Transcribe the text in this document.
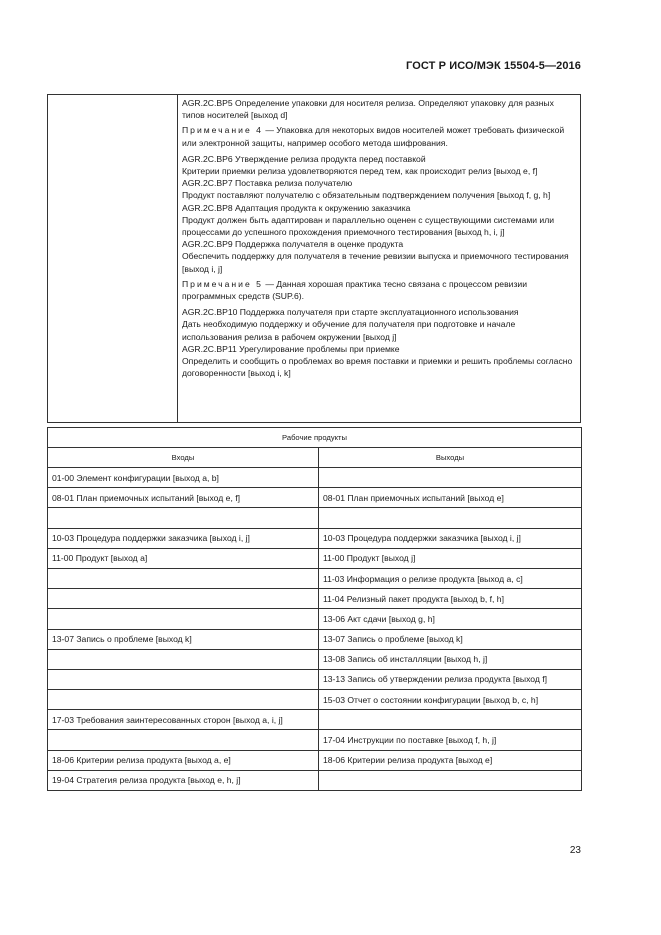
ГОСТ Р ИСО/МЭК 15504-5—2016

AGR.2C.BP5 Определение упаковки для носителя релиза. Определяют упаковку для разных типов носителей [выход d]

Примечание 4 — Упаковка для некоторых видов носителей может требовать физической или электронной защиты, например особого метода шифрования.

AGR.2C.BP6 Утверждение релиза продукта перед поставкой

Критерии приемки релиза удовлетворяются перед тем, как происходит релиз [выход e, f]

AGR.2C.BP7 Поставка релиза получателю

Продукт поставляют получателю с обязательным подтверждением получения [выход f, g, h]

AGR.2C.BP8 Адаптация продукта к окружению заказчика

Продукт должен быть адаптирован и параллельно оценен с существующими системами или процессами до успешного прохождения приемочного тестирования [выход h, i, j]

AGR.2C.BP9 Поддержка получателя в оценке продукта

Обеспечить поддержку для получателя в течение ревизии выпуска и приемочного тестирования [выход i, j]

Примечание 5 — Данная хорошая практика тесно связана с процессом ревизии программных средств (SUP.6).

AGR.2C.BP10 Поддержка получателя при старте эксплуатационного использования

Дать необходимую поддержку и обучение для получателя при подготовке и начале использования релиза в рабочем окружении [выход j]

AGR.2C.BP11 Урегулирование проблемы при приемке

Определить и сообщить о проблемах во время поставки и приемки и решить проблемы согласно договоренности [выход i, k]

Рабочие продукты	
Входы	Выходы
01-00 Элемент конфигурации [выход a, b]	
08-01 План приемочных испытаний [выход e, f]	08-01 План приемочных испытаний [выход e]

10-03 Процедура поддержки заказчика [выход i, j]	10-03 Процедура поддержки заказчика [выход i, j]
11-00 Продукт [выход a]	11-00 Продукт [выход j]
	11-03 Информация о релизе продукта [выход a, c]
	11-04 Релизный пакет продукта [выход b, f, h]
	13-06 Акт сдачи [выход g, h]
13-07 Запись о проблеме [выход k]	13-07 Запись о проблеме [выход k]
	13-08 Запись об инсталляции [выход h, j]
	13-13 Запись об утверждении релиза продукта [выход f]
	15-03 Отчет о состоянии конфигурации [выход b, c, h]
17-03 Требования заинтересованных сторон [выход a, i, j]	
	17-04 Инструкции по поставке [выход f, h, j]
18-06 Критерии релиза продукта [выход a, e]	18-06 Критерии релиза продукта [выход e]
19-04 Стратегия релиза продукта [выход e, h, j]	
23
